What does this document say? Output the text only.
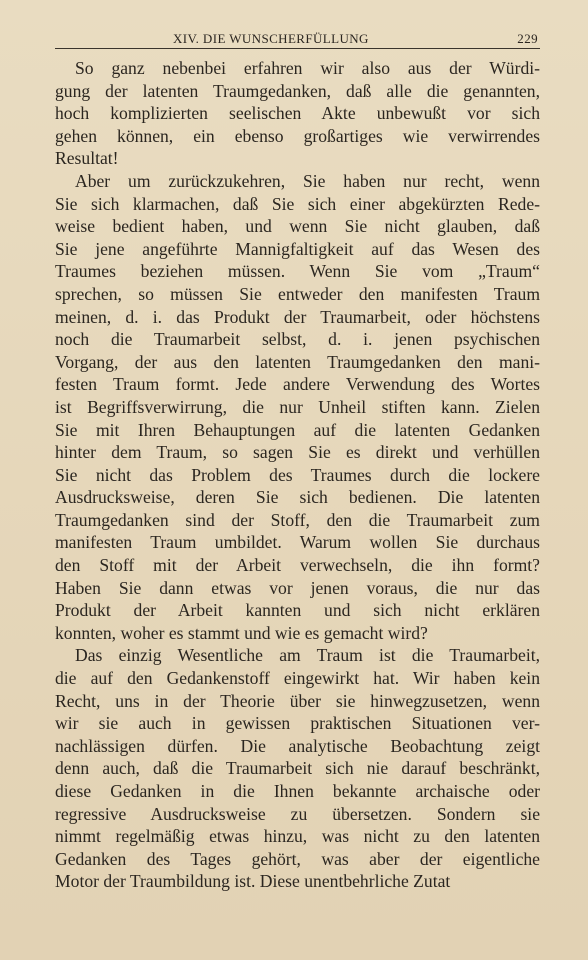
XIV. DIE WUNSCHERFÜLLUNG	229
So ganz nebenbei erfahren wir also aus der Würdi-
gung der latenten Traumgedanken, daß alle die genannten,
hoch komplizierten seelischen Akte unbewußt vor sich
gehen können, ein ebenso großartiges wie verwirrendes
Resultat!
Aber um zurückzukehren, Sie haben nur recht, wenn
Sie sich klarmachen, daß Sie sich einer abgekürzten Rede-
weise bedient haben, und wenn Sie nicht glauben, daß
Sie jene angeführte Mannigfaltigkeit auf das Wesen des
Traumes beziehen müssen. Wenn Sie vom „Traum“
sprechen, so müssen Sie entweder den manifesten Traum
meinen, d. i. das Produkt der Traumarbeit, oder höchstens
noch die Traumarbeit selbst, d. i. jenen psychischen
Vorgang, der aus den latenten Traumgedanken den mani-
festen Traum formt. Jede andere Verwendung des Wortes
ist Begriffsverwirrung, die nur Unheil stiften kann. Zielen
Sie mit Ihren Behauptungen auf die latenten Gedanken
hinter dem Traum, so sagen Sie es direkt und verhüllen
Sie nicht das Problem des Traumes durch die lockere
Ausdrucksweise, deren Sie sich bedienen. Die latenten
Traumgedanken sind der Stoff, den die Traumarbeit zum
manifesten Traum umbildet. Warum wollen Sie durchaus
den Stoff mit der Arbeit verwechseln, die ihn formt?
Haben Sie dann etwas vor jenen voraus, die nur das
Produkt der Arbeit kannten und sich nicht erklären
konnten, woher es stammt und wie es gemacht wird?
Das einzig Wesentliche am Traum ist die Traumarbeit,
die auf den Gedankenstoff eingewirkt hat. Wir haben kein
Recht, uns in der Theorie über sie hinwegzusetzen, wenn
wir sie auch in gewissen praktischen Situationen ver-
nachlässigen dürfen. Die analytische Beobachtung zeigt
denn auch, daß die Traumarbeit sich nie darauf beschränkt,
diese Gedanken in die Ihnen bekannte archaische oder
regressive Ausdrucksweise zu übersetzen. Sondern sie
nimmt regelmäßig etwas hinzu, was nicht zu den latenten
Gedanken des Tages gehört, was aber der eigentliche
Motor der Traumbildung ist. Diese unentbehrliche Zutat
